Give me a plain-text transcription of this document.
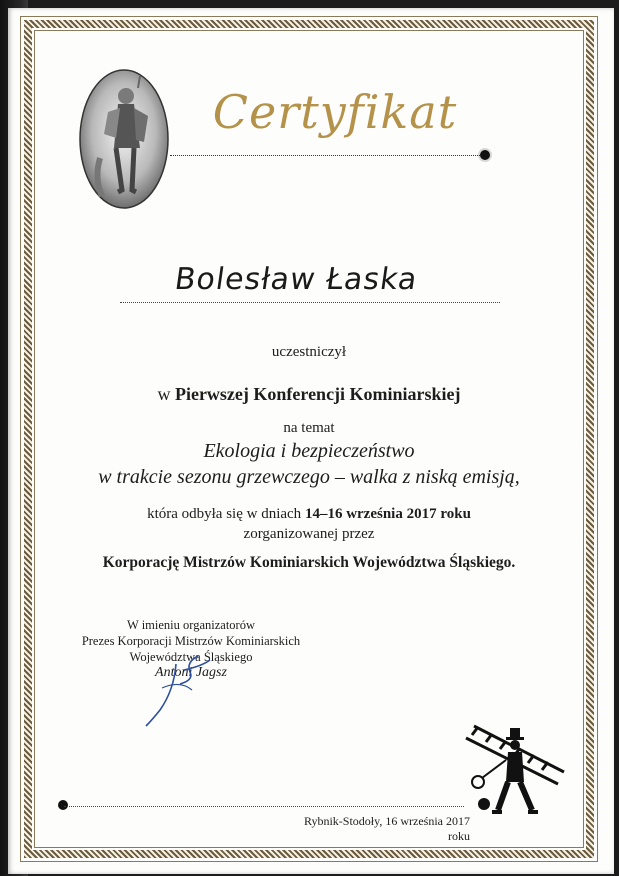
Certyfikat
Bolesław Łaska
uczestniczył
w Pierwszej Konferencji Kominiarskiej
na temat
Ekologia i bezpieczeństwo
w trakcie sezonu grzewczego – walka z niską emisją,
która odbyła się w dniach 14–16 września 2017 roku
zorganizowanej przez
Korporację Mistrzów Kominiarskich Województwa Śląskiego.
W imieniu organizatorów
Prezes Korporacji Mistrzów Kominiarskich
Województwa Śląskiego
Antoni Jagsz
Rybnik-Stodoły, 16 września 2017 roku
